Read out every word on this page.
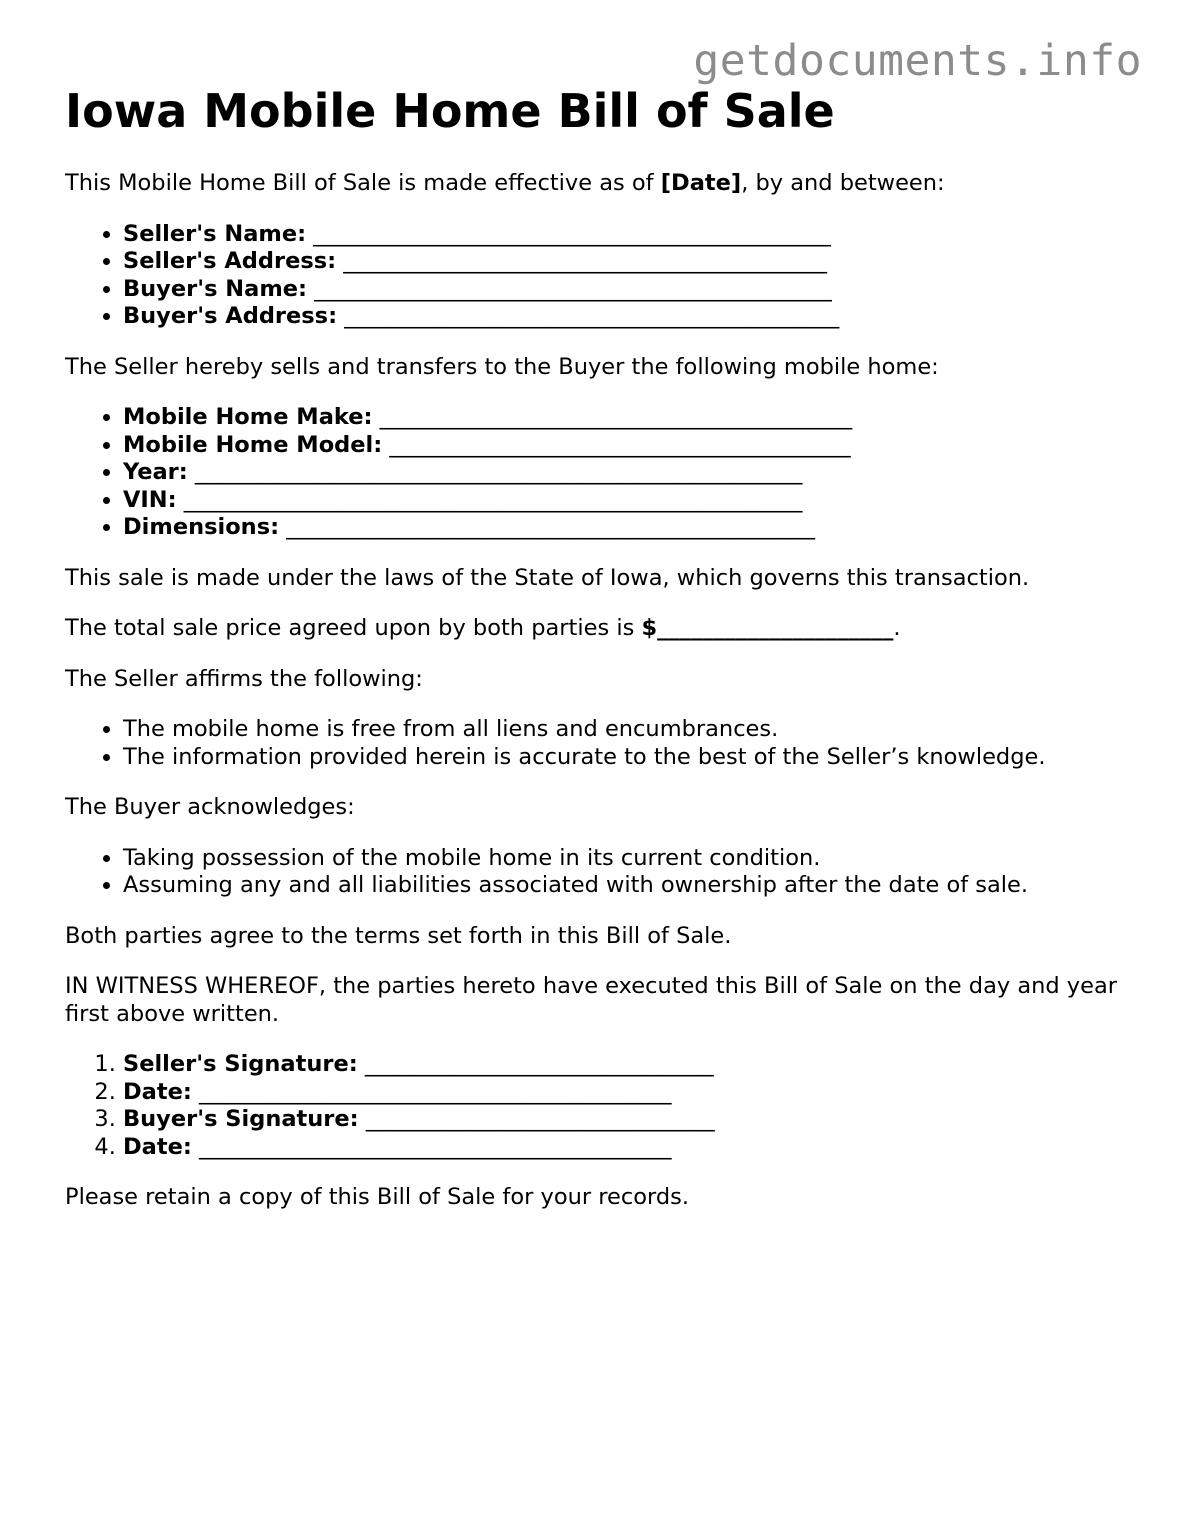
getdocuments.info
Iowa Mobile Home Bill of Sale

This Mobile Home Bill of Sale is made effective as of [Date], by and between:

• Seller's Name: ______________________________________________
• Seller's Address: ___________________________________________
• Buyer's Name: ______________________________________________
• Buyer's Address: ____________________________________________

The Seller hereby sells and transfers to the Buyer the following mobile home:

• Mobile Home Make: __________________________________________
• Mobile Home Model: _________________________________________
• Year: ______________________________________________________
• VIN: _______________________________________________________
• Dimensions: _______________________________________________

This sale is made under the laws of the State of Iowa, which governs this transaction.

The total sale price agreed upon by both parties is $_____________________.

The Seller affirms the following:

• The mobile home is free from all liens and encumbrances.
• The information provided herein is accurate to the best of the Seller’s knowledge.

The Buyer acknowledges:

• Taking possession of the mobile home in its current condition.
• Assuming any and all liabilities associated with ownership after the date of sale.

Both parties agree to the terms set forth in this Bill of Sale.

IN WITNESS WHEREOF, the parties hereto have executed this Bill of Sale on the day and year first above written.

1. Seller's Signature: _______________________________
2. Date: __________________________________________
3. Buyer's Signature: _______________________________
4. Date: __________________________________________

Please retain a copy of this Bill of Sale for your records.
